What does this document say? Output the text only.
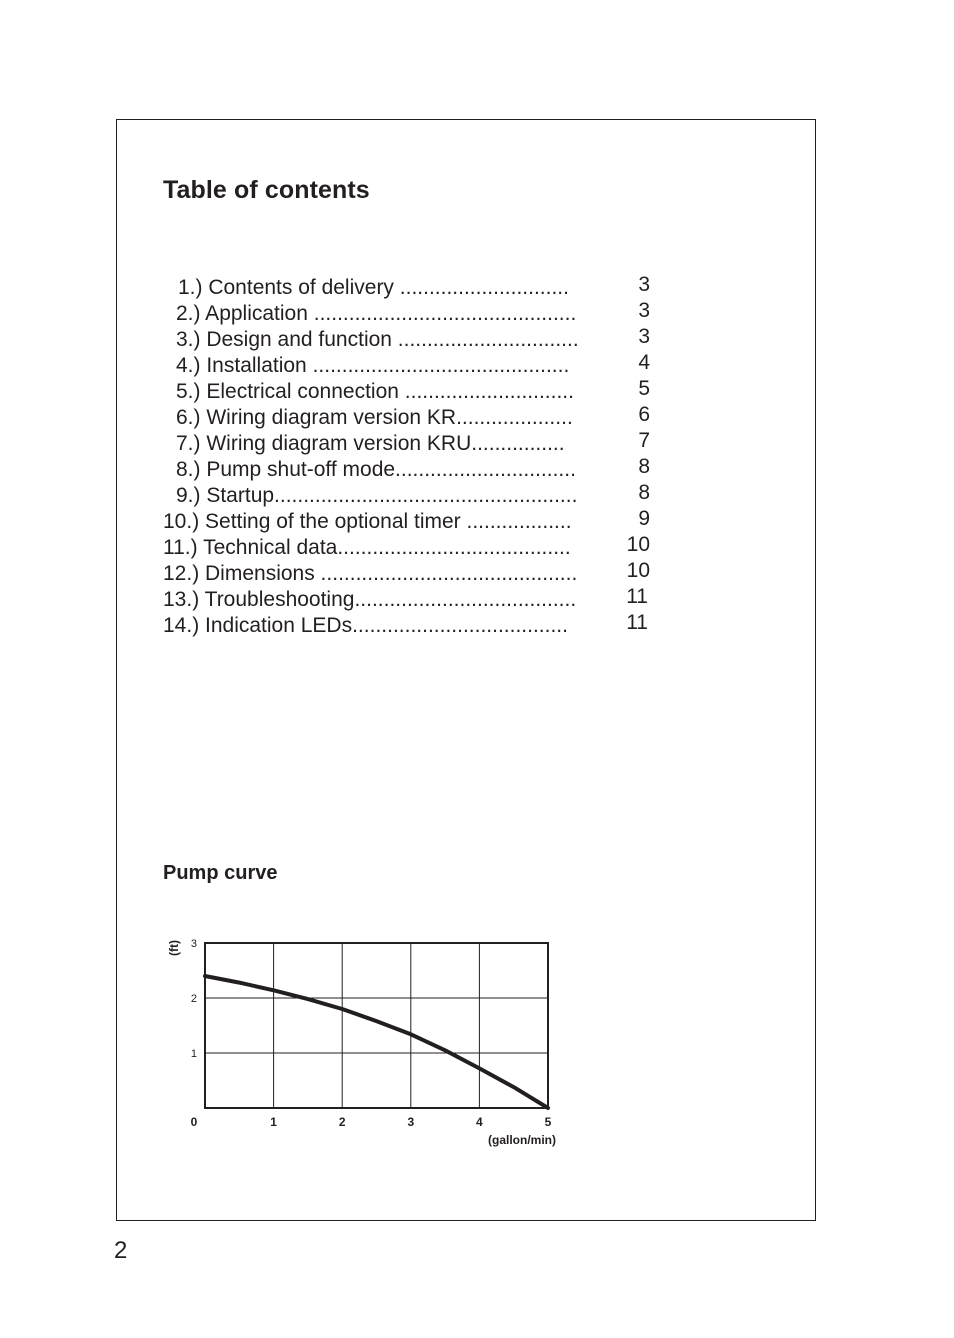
Table of contents
1.) Contents of delivery .............................	3
2.) Application .............................................	3
3.) Design and function ...............................	3
4.) Installation ............................................	4
5.) Electrical connection .............................	5
6.) Wiring diagram version KR....................	6
7.) Wiring diagram version KRU................	7
8.) Pump shut-off mode...............................	8
9.) Startup....................................................	8
10.) Setting of the optional timer ..................	9
11.) Technical data........................................	10
12.) Dimensions ............................................	10
13.) Troubleshooting......................................	11
14.) Indication LEDs.....................................	11
Pump curve
0	1	2	3	4	5
1
2
3
(gallon/min)
(ft)
2
